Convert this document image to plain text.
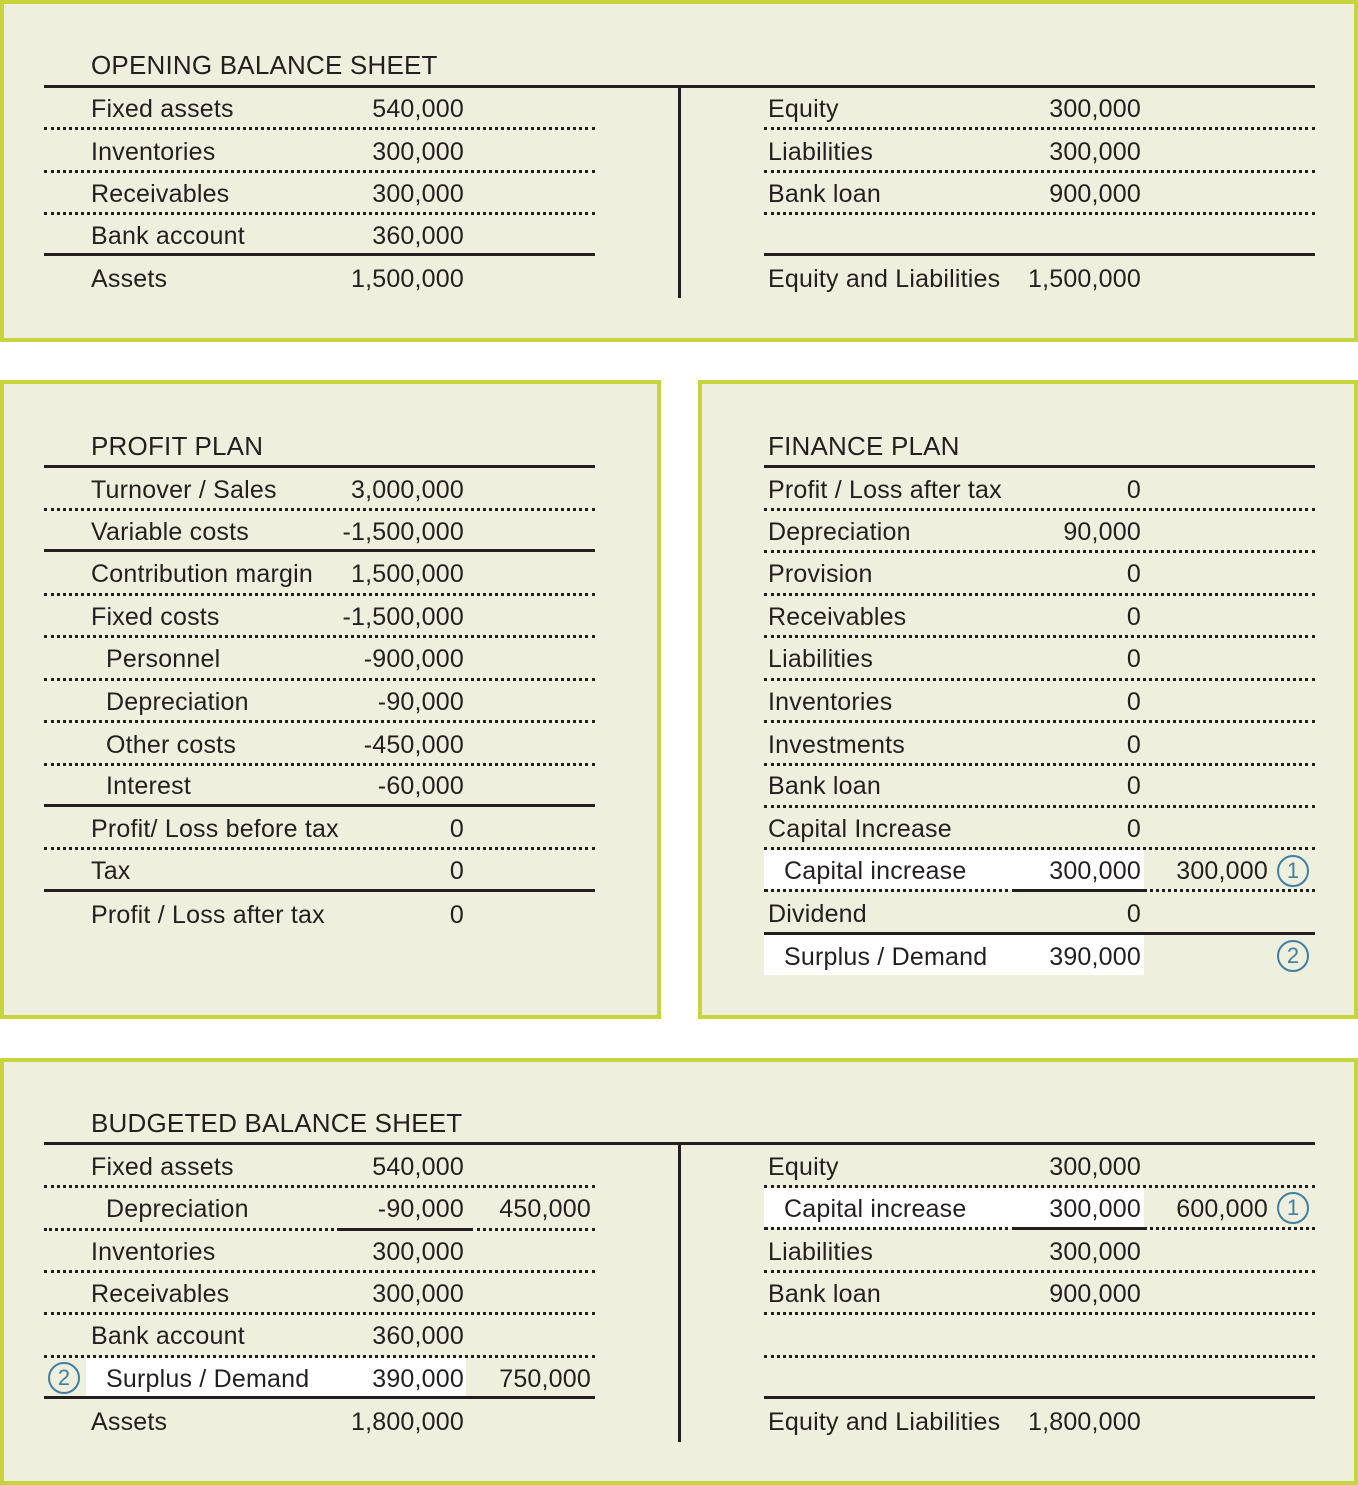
OPENING BALANCE SHEET
Fixed assets	540,000
Inventories	300,000
Receivables	300,000
Bank account	360,000
Assets	1,500,000
Equity	300,000
Liabilities	300,000
Bank loan	900,000
Equity and Liabilities	1,500,000
PROFIT PLAN
Turnover / Sales	3,000,000
Variable costs	-1,500,000
Contribution margin	1,500,000
Fixed costs	-1,500,000
Personnel	-900,000
Depreciation	-90,000
Other costs	-450,000
Interest	-60,000
Profit/ Loss before tax	0
Tax	0
Profit / Loss after tax	0
FINANCE PLAN
Profit / Loss after tax	0
Depreciation	90,000
Provision	0
Receivables	0
Liabilities	0
Inventories	0
Investments	0
Bank loan	0
Capital Increase	0
Capital increase	300,000	300,000 1
Dividend	0
Surplus / Demand	390,000	2
BUDGETED BALANCE SHEET
Fixed assets	540,000
Depreciation	-90,000	450,000
Inventories	300,000
Receivables	300,000
Bank account	360,000
2	Surplus / Demand	390,000	750,000
Assets	1,800,000
Equity	300,000
Capital increase	300,000	600,000 1
Liabilities	300,000
Bank loan	900,000
Equity and Liabilities	1,800,000
